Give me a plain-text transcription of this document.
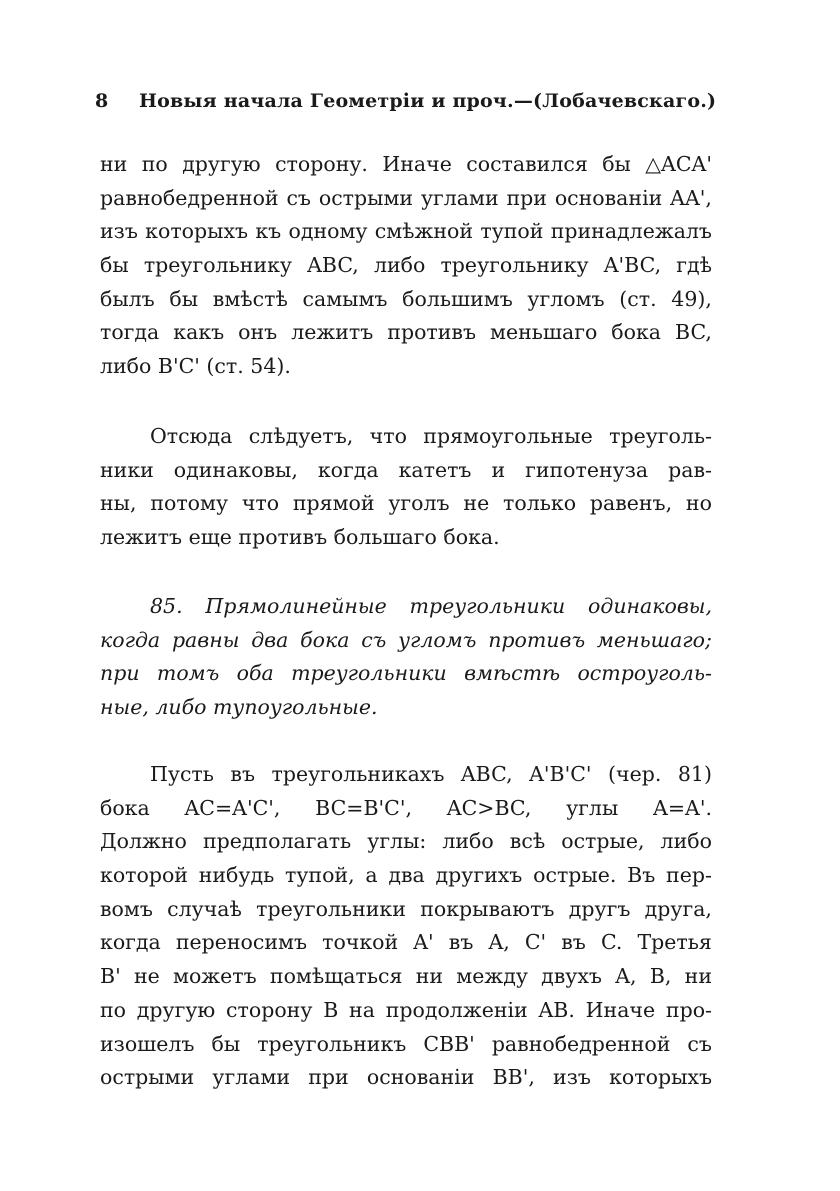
8 Новыя начала Геометріи и проч.—(Лобачевскаго.)
ни по другую сторону. Иначе составился бы △ACA'
равнобедренной съ острыми углами при основаніи AA',
изъ которыхъ къ одному смѣжной тупой принадлежалъ
бы треугольнику ABC, либо треугольнику A'BC, гдѣ
былъ бы вмѣстѣ самымъ большимъ угломъ (ст. 49),
тогда какъ онъ лежитъ противъ меньшаго бока BC,
либо B'C' (ст. 54).
Отсюда слѣдуетъ, что прямоугольные треуголь-
ники одинаковы, когда катетъ и гипотенуза рав-
ны, потому что прямой уголъ не только равенъ, но
лежитъ еще противъ большаго бока.
85. Прямолинейные треугольники одинаковы,
когда равны два бока съ угломъ противъ меньшаго;
при томъ оба треугольники вмѣстѣ остроуголь-
ные, либо тупоугольные.
Пусть въ треугольникахъ ABC, A'B'C' (чер. 81)
бока AC=A'C', BC=B'C', AC>BC, углы A=A'.
Должно предполагать углы: либо всѣ острые, либо
которой нибудь тупой, а два другихъ острые. Въ пер-
вомъ случаѣ треугольники покрываютъ другъ друга,
когда переносимъ точкой A' въ A, C' въ C. Третья
B' не можетъ помѣщаться ни между двухъ A, B, ни
по другую сторону B на продолженіи AB. Иначе про-
изошелъ бы треугольникъ CBB' равнобедренной съ
острыми углами при основаніи BB', изъ которыхъ
